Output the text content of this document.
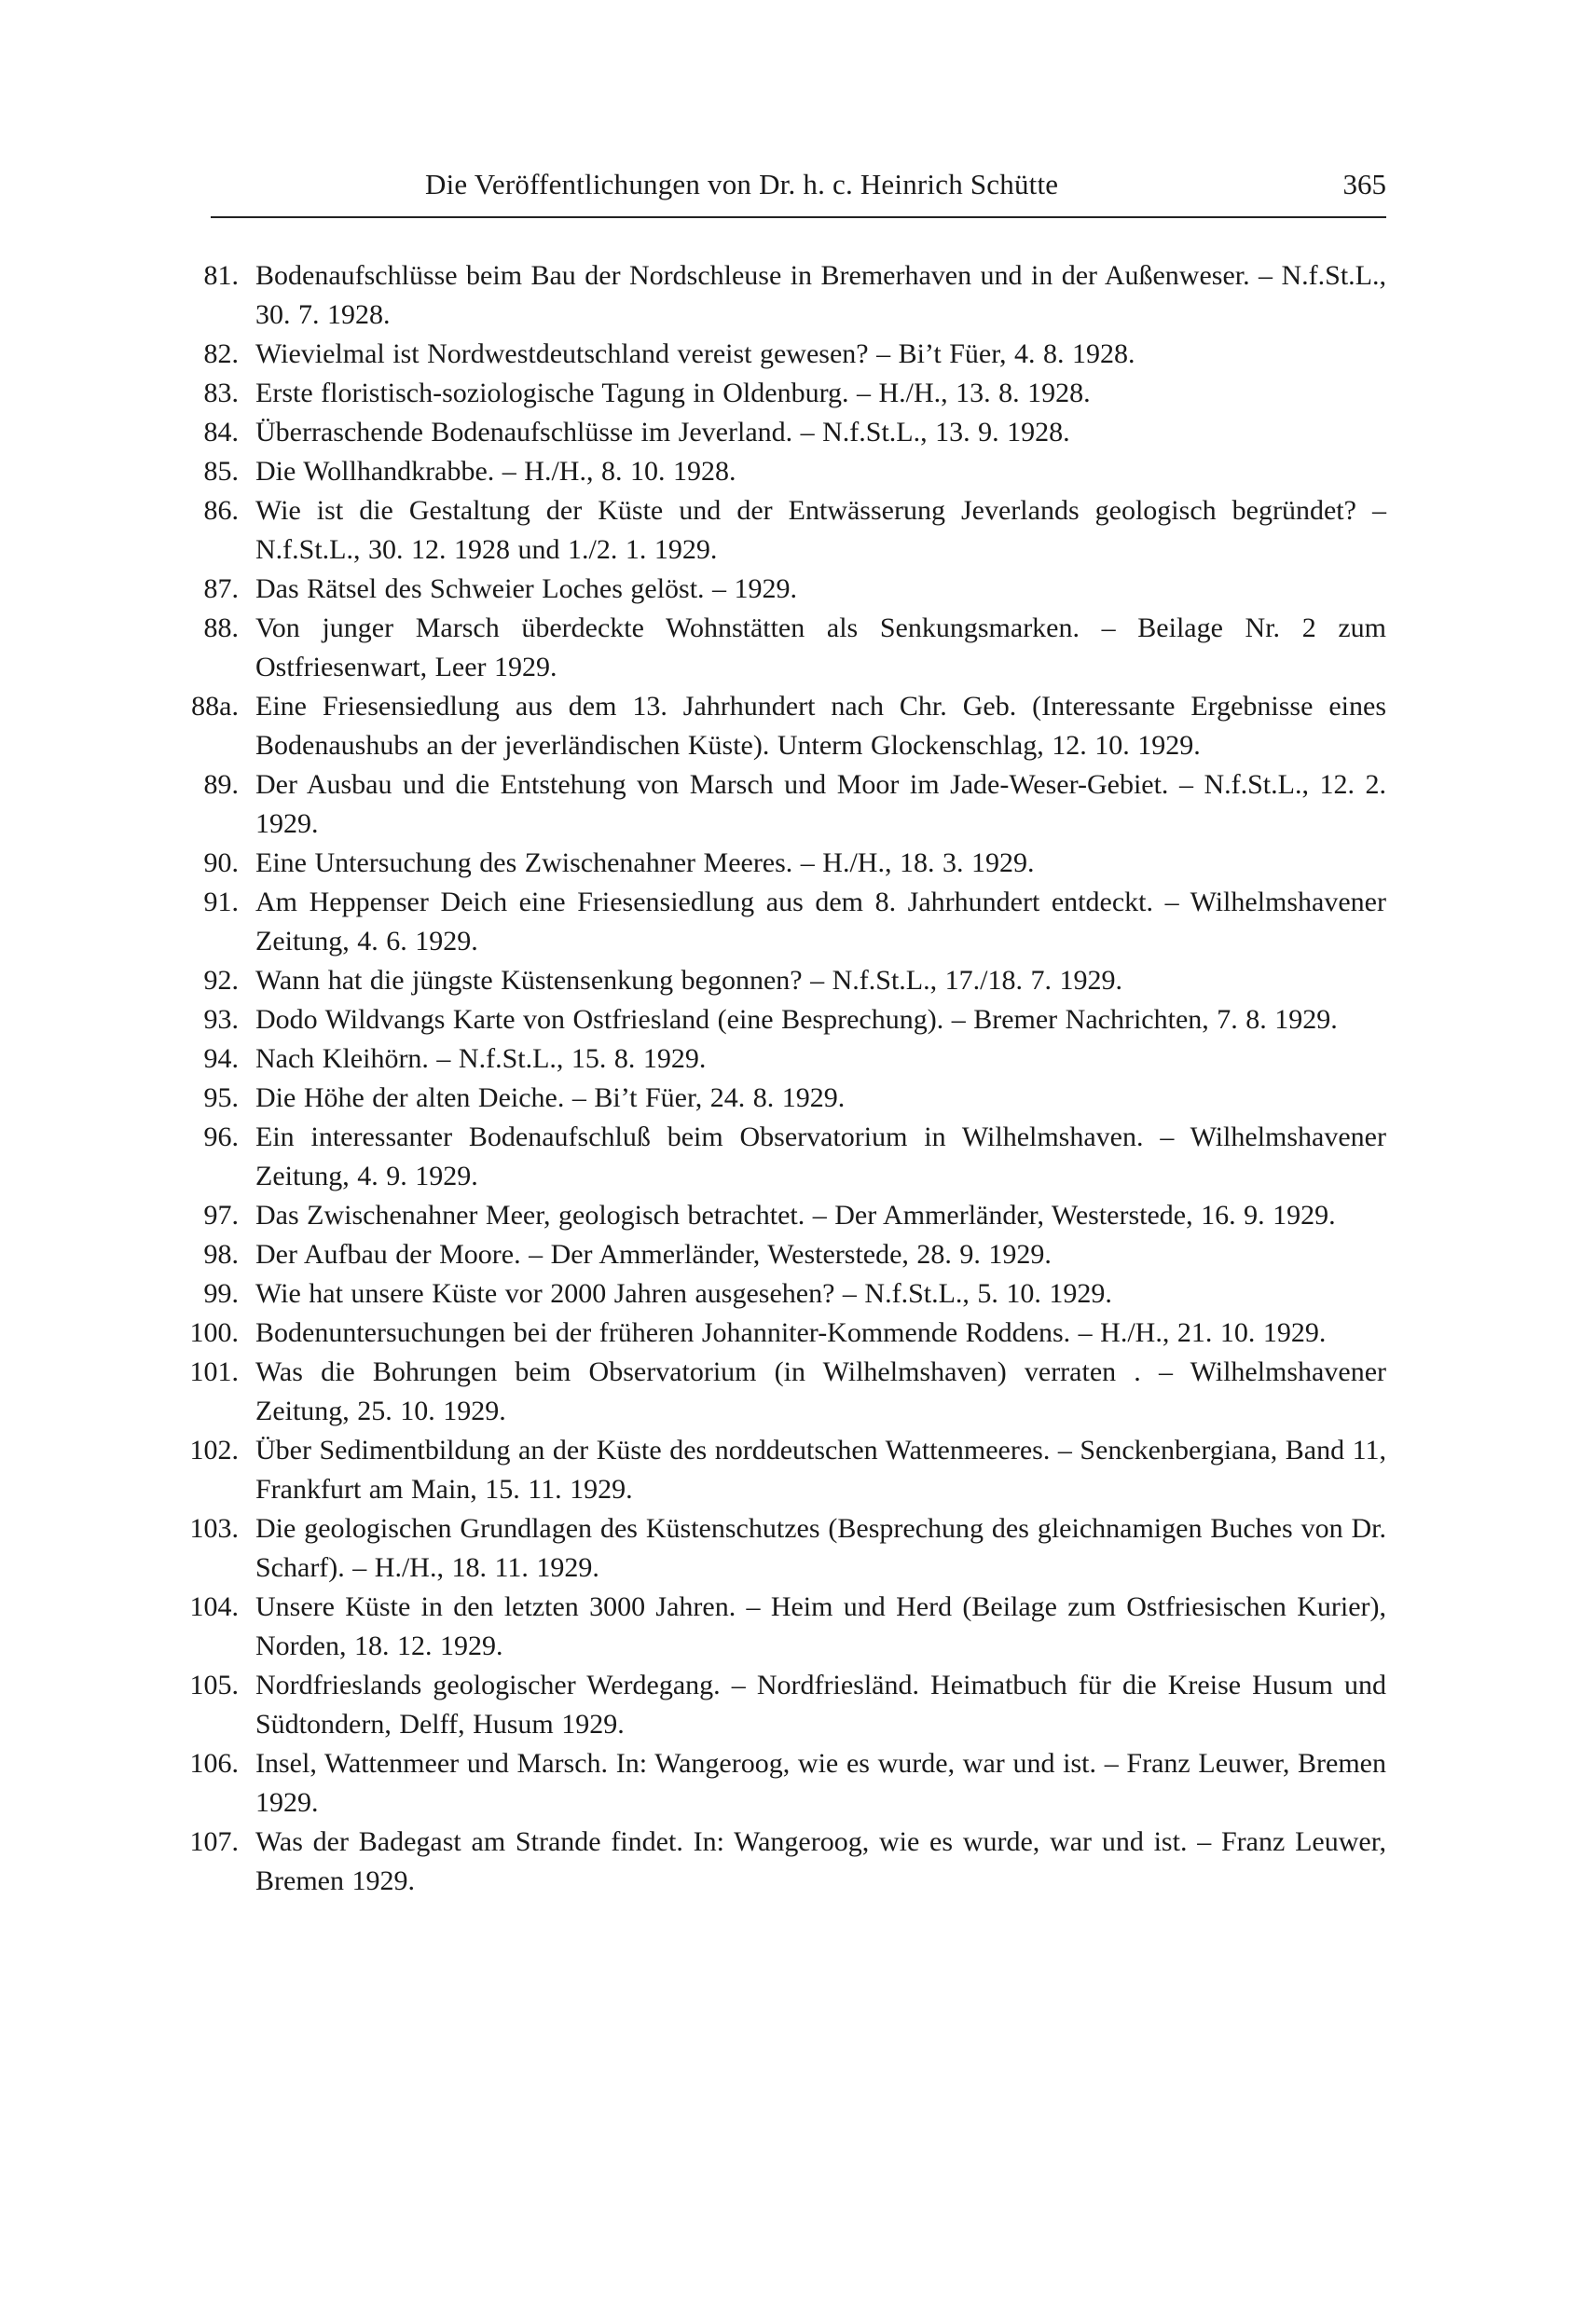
Die Veröffentlichungen von Dr. h. c. Heinrich Schütte	365
81. Bodenaufschlüsse beim Bau der Nordschleuse in Bremerhaven und in der Außenweser. – N.f.St.L., 30. 7. 1928.
82. Wievielmal ist Nordwestdeutschland vereist gewesen? – Bi’t Füer, 4. 8. 1928.
83. Erste floristisch-soziologische Tagung in Oldenburg. – H./H., 13. 8. 1928.
84. Überraschende Bodenaufschlüsse im Jeverland. – N.f.St.L., 13. 9. 1928.
85. Die Wollhandkrabbe. – H./H., 8. 10. 1928.
86. Wie ist die Gestaltung der Küste und der Entwässerung Jeverlands geologisch begründet? – N.f.St.L., 30. 12. 1928 und 1./2. 1. 1929.
87. Das Rätsel des Schweier Loches gelöst. – 1929.
88. Von junger Marsch überdeckte Wohnstätten als Senkungsmarken. – Beilage Nr. 2 zum Ostfriesenwart, Leer 1929.
88a. Eine Friesensiedlung aus dem 13. Jahrhundert nach Chr. Geb. (Interessante Ergebnisse eines Bodenaushubs an der jeverländischen Küste). Unterm Glockenschlag, 12. 10. 1929.
89. Der Ausbau und die Entstehung von Marsch und Moor im Jade-Weser-Gebiet. – N.f.St.L., 12. 2. 1929.
90. Eine Untersuchung des Zwischenahner Meeres. – H./H., 18. 3. 1929.
91. Am Heppenser Deich eine Friesensiedlung aus dem 8. Jahrhundert entdeckt. – Wilhelmshavener Zeitung, 4. 6. 1929.
92. Wann hat die jüngste Küstensenkung begonnen? – N.f.St.L., 17./18. 7. 1929.
93. Dodo Wildvangs Karte von Ostfriesland (eine Besprechung). – Bremer Nachrichten, 7. 8. 1929.
94. Nach Kleihörn. – N.f.St.L., 15. 8. 1929.
95. Die Höhe der alten Deiche. – Bi’t Füer, 24. 8. 1929.
96. Ein interessanter Bodenaufschluß beim Observatorium in Wilhelmshaven. – Wilhelmshavener Zeitung, 4. 9. 1929.
97. Das Zwischenahner Meer, geologisch betrachtet. – Der Ammerländer, Westerstede, 16. 9. 1929.
98. Der Aufbau der Moore. – Der Ammerländer, Westerstede, 28. 9. 1929.
99. Wie hat unsere Küste vor 2000 Jahren ausgesehen? – N.f.St.L., 5. 10. 1929.
100. Bodenuntersuchungen bei der früheren Johanniter-Kommende Roddens. – H./H., 21. 10. 1929.
101. Was die Bohrungen beim Observatorium (in Wilhelmshaven) verraten . – Wilhelmshavener Zeitung, 25. 10. 1929.
102. Über Sedimentbildung an der Küste des norddeutschen Wattenmeeres. – Senckenbergiana, Band 11, Frankfurt am Main, 15. 11. 1929.
103. Die geologischen Grundlagen des Küstenschutzes (Besprechung des gleichnamigen Buches von Dr. Scharf). – H./H., 18. 11. 1929.
104. Unsere Küste in den letzten 3000 Jahren. – Heim und Herd (Beilage zum Ostfriesischen Kurier), Norden, 18. 12. 1929.
105. Nordfrieslands geologischer Werdegang. – Nordfriesländ. Heimatbuch für die Kreise Husum und Südtondern, Delff, Husum 1929.
106. Insel, Wattenmeer und Marsch. In: Wangeroog, wie es wurde, war und ist. – Franz Leuwer, Bremen 1929.
107. Was der Badegast am Strande findet. In: Wangeroog, wie es wurde, war und ist. – Franz Leuwer, Bremen 1929.
